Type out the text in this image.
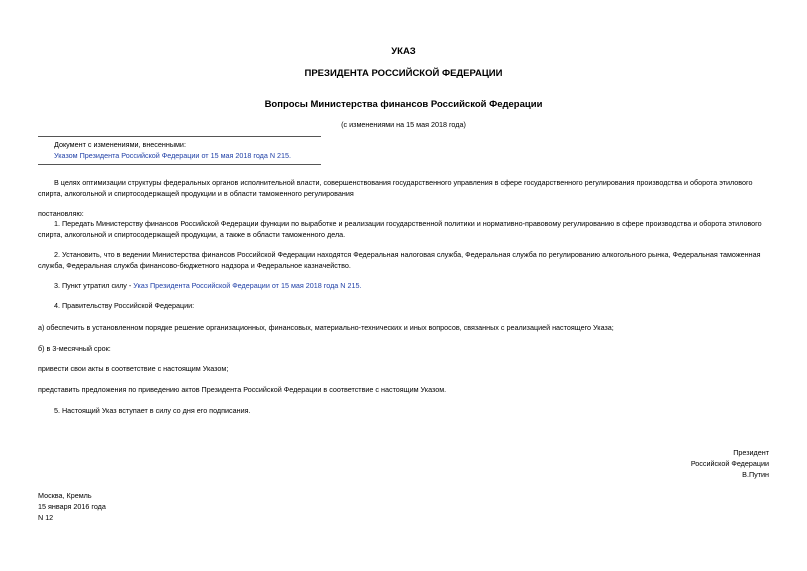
УКАЗ
ПРЕЗИДЕНТА РОССИЙСКОЙ ФЕДЕРАЦИИ
Вопросы Министерства финансов Российской Федерации
(с изменениями на 15 мая 2018 года)
Документ с изменениями, внесенными:
Указом Президента Российской Федерации от 15 мая 2018 года N 215.
В целях оптимизации структуры федеральных органов исполнительной власти, совершенствования государственного управления в сфере государственного регулирования производства и оборота этилового спирта, алкогольной и спиртосодержащей продукции и в области таможенного регулирования
постановляю:
1. Передать Министерству финансов Российской Федерации функции по выработке и реализации государственной политики и нормативно-правовому регулированию в сфере производства и оборота этилового спирта, алкогольной и спиртосодержащей продукции, а также в области таможенного дела.
2. Установить, что в ведении Министерства финансов Российской Федерации находятся Федеральная налоговая служба, Федеральная служба по регулированию алкогольного рынка, Федеральная таможенная служба, Федеральная служба финансово-бюджетного надзора и Федеральное казначейство.
3. Пункт утратил силу - Указ Президента Российской Федерации от 15 мая 2018 года N 215.
4. Правительству Российской Федерации:
а) обеспечить в установленном порядке решение организационных, финансовых, материально-технических и иных вопросов, связанных с реализацией настоящего Указа;
б) в 3-месячный срок:
привести свои акты в соответствие с настоящим Указом;
представить предложения по приведению актов Президента Российской Федерации в соответствие с настоящим Указом.
5. Настоящий Указ вступает в силу со дня его подписания.
Президент
Российской Федерации
В.Путин
Москва, Кремль
15 января 2016 года
N 12
